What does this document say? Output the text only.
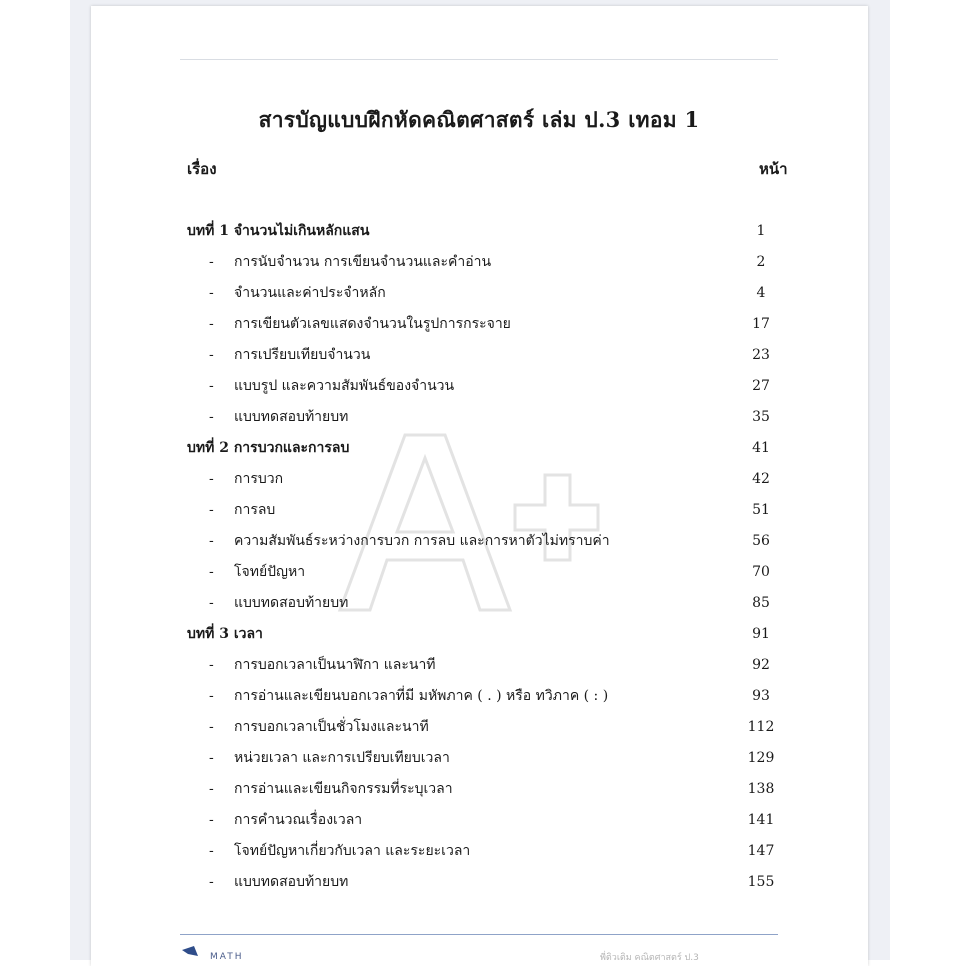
สารบัญแบบฝึกหัดคณิตศาสตร์ เล่ม ป.3 เทอม 1
เรื่อง	หน้า
บทที่ 1 จำนวนไม่เกินหลักแสน	1
- การนับจำนวน การเขียนจำนวนและคำอ่าน	2
- จำนวนและค่าประจำหลัก	4
- การเขียนตัวเลขแสดงจำนวนในรูปการกระจาย	17
- การเปรียบเทียบจำนวน	23
- แบบรูป และความสัมพันธ์ของจำนวน	27
- แบบทดสอบท้ายบท	35
บทที่ 2 การบวกและการลบ	41
- การบวก	42
- การลบ	51
- ความสัมพันธ์ระหว่างการบวก การลบ และการหาตัวไม่ทราบค่า	56
- โจทย์ปัญหา	70
- แบบทดสอบท้ายบท	85
บทที่ 3 เวลา	91
- การบอกเวลาเป็นนาฬิกา และนาที	92
- การอ่านและเขียนบอกเวลาที่มี มหัพภาค ( . ) หรือ ทวิภาค ( : )	93
- การบอกเวลาเป็นชั่วโมงและนาที	112
- หน่วยเวลา และการเปรียบเทียบเวลา	129
- การอ่านและเขียนกิจกรรมที่ระบุเวลา	138
- การคำนวณเรื่องเวลา	141
- โจทย์ปัญหาเกี่ยวกับเวลา และระยะเวลา	147
- แบบทดสอบท้ายบท	155
MATH	พี่ติวเติม คณิตศาสตร์ ป.3
